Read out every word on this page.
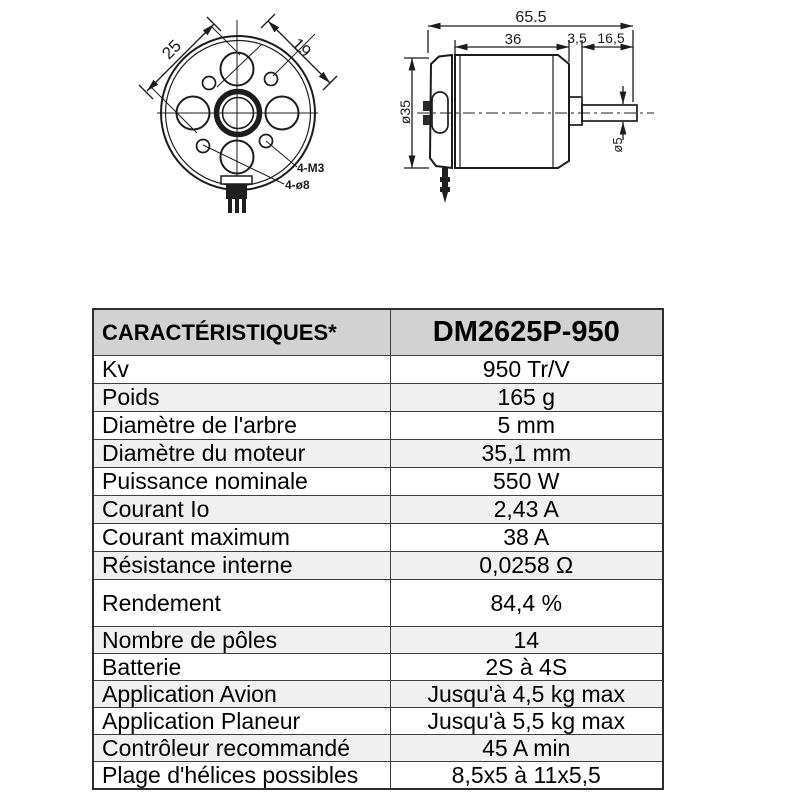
25	19
4-M3
4-ø8
65.5
36	3,5 16,5
ø35
ø5
CARACTÉRISTIQUES*	DM2625P-950
Kv	950 Tr/V
Poids	165 g
Diamètre de l'arbre	5 mm
Diamètre du moteur	35,1 mm
Puissance nominale	550 W
Courant Io	2,43 A
Courant maximum	38 A
Résistance interne	0,0258 Ω
Rendement	84,4 %
Nombre de pôles	14
Batterie	2S à 4S
Application Avion	Jusqu'à 4,5 kg max
Application Planeur	Jusqu'à 5,5 kg max
Contrôleur recommandé	45 A min
Plage d'hélices possibles	8,5x5 à 11x5,5
